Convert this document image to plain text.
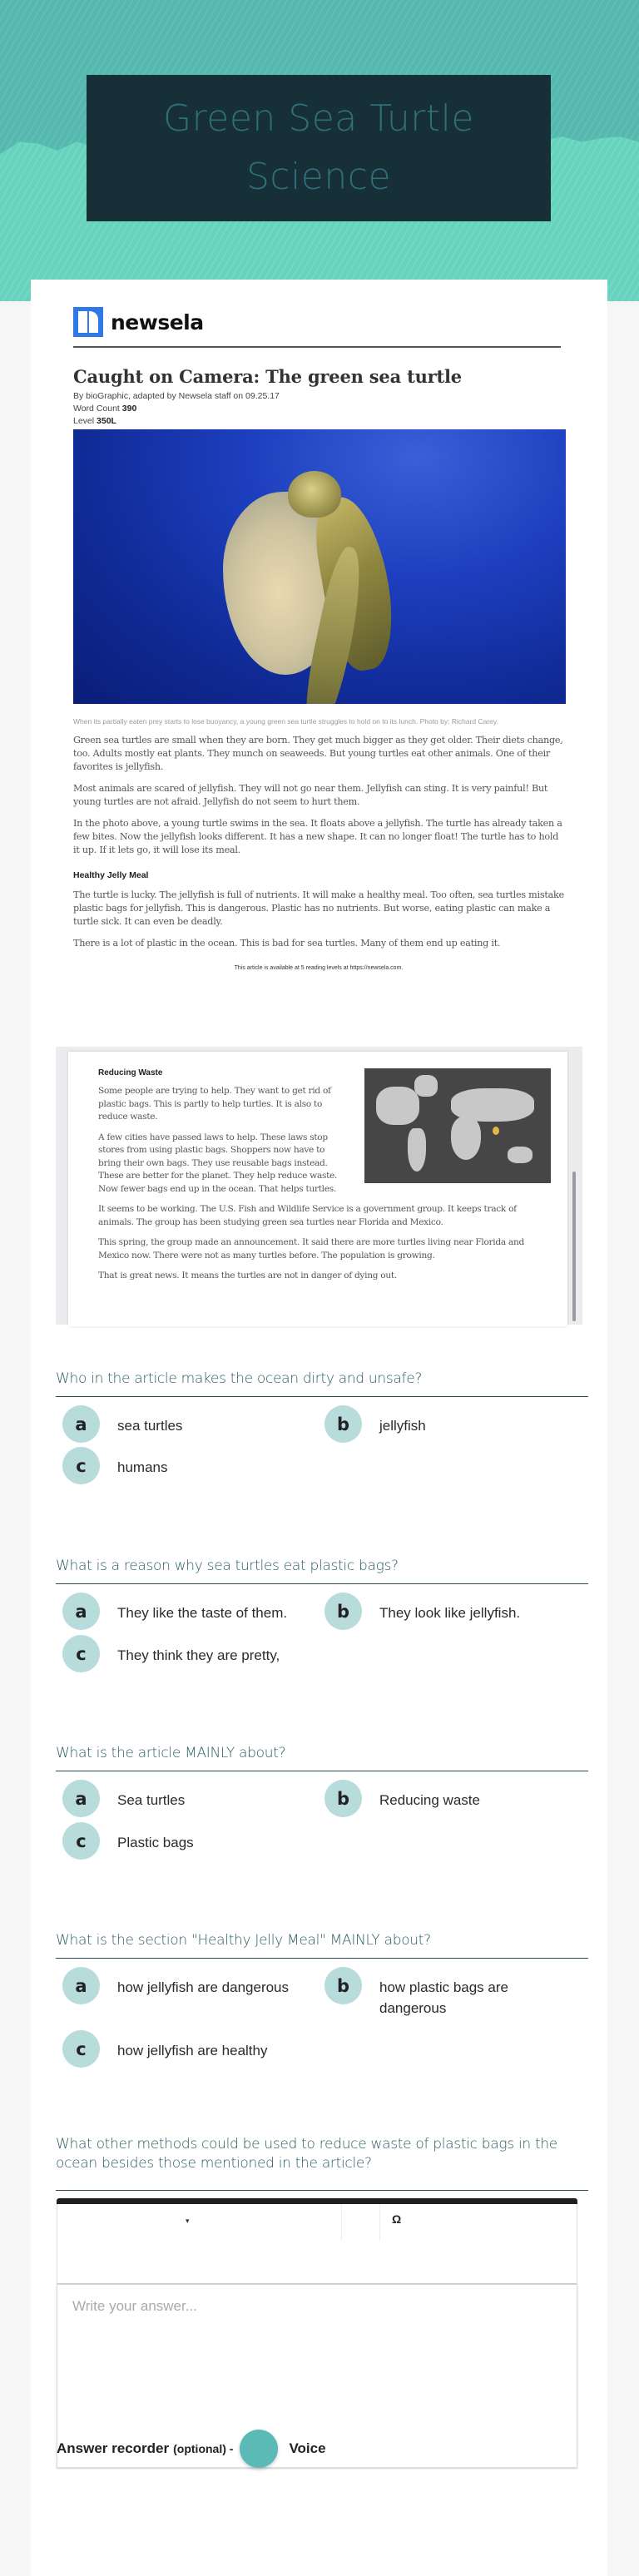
Green Sea Turtle Science
newsela
Caught on Camera: The green sea turtle
By bioGraphic, adapted by Newsela staff on 09.25.17
Word Count 390
Level 350L
When its partially eaten prey starts to lose buoyancy, a young green sea turtle struggles to hold on to its lunch. Photo by: Richard Carey.

Green sea turtles are small when they are born. They get much bigger as they get older. Their diets change, too. Adults mostly eat plants. They munch on seaweeds. But young turtles eat other animals. One of their favorites is jellyfish.

Most animals are scared of jellyfish. They will not go near them. Jellyfish can sting. It is very painful! But young turtles are not afraid. Jellyfish do not seem to hurt them.

In the photo above, a young turtle swims in the sea. It floats above a jellyfish. The turtle has already taken a few bites. Now the jellyfish looks different. It has a new shape. It can no longer float! The turtle has to hold it up. If it lets go, it will lose its meal.

Healthy Jelly Meal

The turtle is lucky. The jellyfish is full of nutrients. It will make a healthy meal. Too often, sea turtles mistake plastic bags for jellyfish. This is dangerous. Plastic has no nutrients. But worse, eating plastic can make a turtle sick. It can even be deadly.

There is a lot of plastic in the ocean. This is bad for sea turtles. Many of them end up eating it.

This article is available at 5 reading levels at https://newsela.com.
Reducing Waste

Some people are trying to help. They want to get rid of plastic bags. This is partly to help turtles. It is also to reduce waste.

A few cities have passed laws to help. These laws stop stores from using plastic bags. Shoppers now have to bring their own bags. They use reusable bags instead. These are better for the planet. They help reduce waste. Now fewer bags end up in the ocean. That helps turtles.

It seems to be working. The U.S. Fish and Wildlife Service is a government group. It keeps track of animals. The group has been studying green sea turtles near Florida and Mexico.

This spring, the group made an announcement. It said there are more turtles living near Florida and Mexico now. There were not as many turtles before. The population is growing.

That is great news. It means the turtles are not in danger of dying out.

Who in the article makes the ocean dirty and unsafe?
a	sea turtles	b	jellyfish
c	humans
What is a reason why sea turtles eat plastic bags?
a	They like the taste of them.	b	They look like jellyfish.
c	They think they are pretty,
What is the article MAINLY about?
a	Sea turtles	b	Reducing waste
c	Plastic bags
What is the section "Healthy Jelly Meal" MAINLY about?
a	how jellyfish are dangerous	b	how plastic bags are dangerous
c	how jellyfish are healthy
What other methods could be used to reduce waste of plastic bags in the ocean besides those mentioned in the article?
▾	Ω
Write your answer...
Answer recorder (optional) -	Voice
